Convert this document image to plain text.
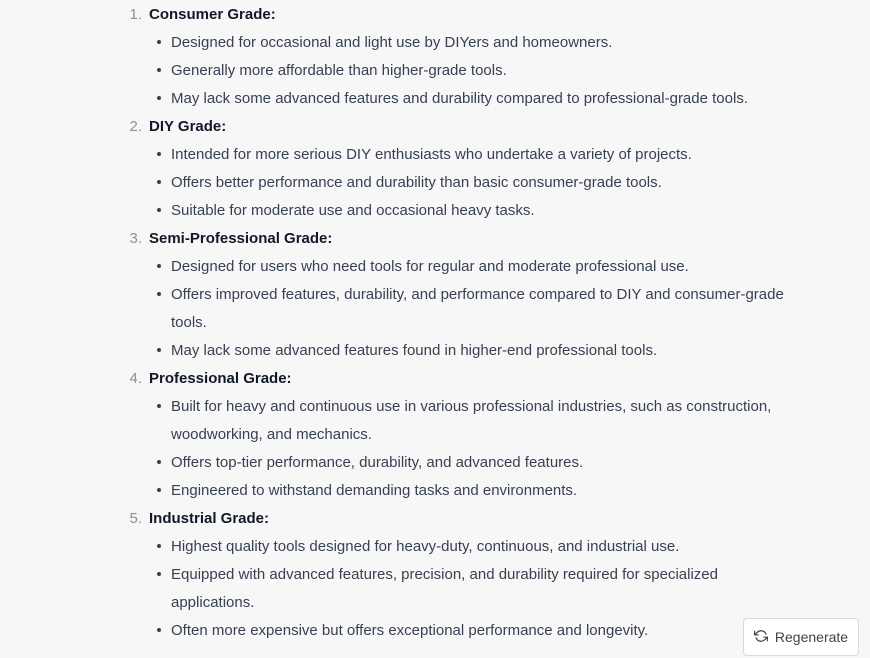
1. Consumer Grade:
Designed for occasional and light use by DIYers and homeowners.
Generally more affordable than higher-grade tools.
May lack some advanced features and durability compared to professional-grade tools.
2. DIY Grade:
Intended for more serious DIY enthusiasts who undertake a variety of projects.
Offers better performance and durability than basic consumer-grade tools.
Suitable for moderate use and occasional heavy tasks.
3. Semi-Professional Grade:
Designed for users who need tools for regular and moderate professional use.
Offers improved features, durability, and performance compared to DIY and consumer-grade tools.
May lack some advanced features found in higher-end professional tools.
4. Professional Grade:
Built for heavy and continuous use in various professional industries, such as construction, woodworking, and mechanics.
Offers top-tier performance, durability, and advanced features.
Engineered to withstand demanding tasks and environments.
5. Industrial Grade:
Highest quality tools designed for heavy-duty, continuous, and industrial use.
Equipped with advanced features, precision, and durability required for specialized applications.
Often more expensive but offers exceptional performance and longevity.	Regenerate
